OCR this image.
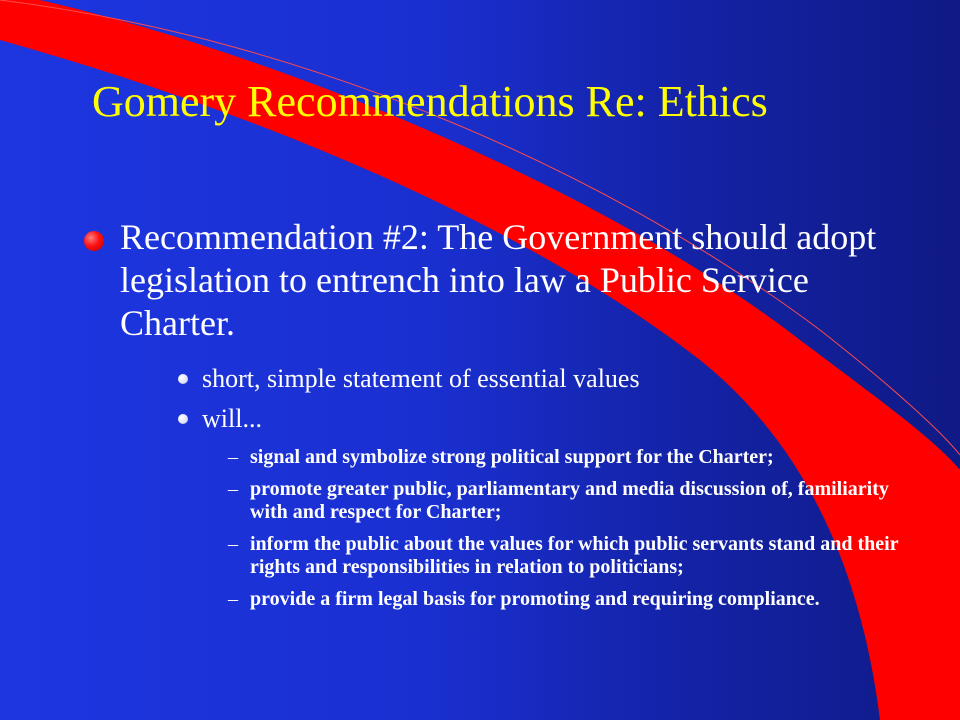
Gomery Recommendations Re: Ethics

Recommendation #2: The Government should adopt legislation to entrench into law a Public Service Charter.

short, simple statement of essential values

will...

– signal and symbolize strong political support for the Charter;

– promote greater public, parliamentary and media discussion of, familiarity with and respect for Charter;

– inform the public about the values for which public servants stand and their rights and responsibilities in relation to politicians;

– provide a firm legal basis for promoting and requiring compliance.
